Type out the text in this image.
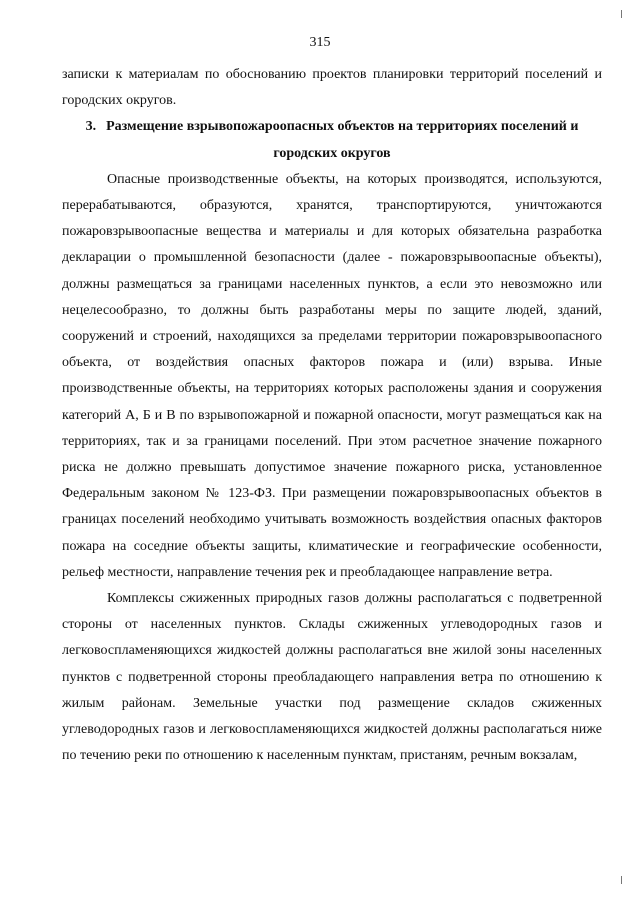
315

записки к материалам по обоснованию проектов планировки территорий поселений и городских округов.

3. Размещение взрывопожароопасных объектов на территориях поселений и городских округов

Опасные производственные объекты, на которых производятся, используются, перерабатываются, образуются, хранятся, транспортируются, уничтожаются пожаровзрывоопасные вещества и материалы и для которых обязательна разработка декларации о промышленной безопасности (далее - пожаровзрывоопасные объекты), должны размещаться за границами населенных пунктов, а если это невозможно или нецелесообразно, то должны быть разработаны меры по защите людей, зданий, сооружений и строений, находящихся за пределами территории пожаровзрывоопасного объекта, от воздействия опасных факторов пожара и (или) взрыва. Иные производственные объекты, на территориях которых расположены здания и сооружения категорий А, Б и В по взрывопожарной и пожарной опасности, могут размещаться как на территориях, так и за границами поселений. При этом расчетное значение пожарного риска не должно превышать допустимое значение пожарного риска, установленное Федеральным законом № 123-ФЗ. При размещении пожаровзрывоопасных объектов в границах поселений необходимо учитывать возможность воздействия опасных факторов пожара на соседние объекты защиты, климатические и географические особенности, рельеф местности, направление течения рек и преобладающее направление ветра.

Комплексы сжиженных природных газов должны располагаться с подветренной стороны от населенных пунктов. Склады сжиженных углеводородных газов и легковоспламеняющихся жидкостей должны располагаться вне жилой зоны населенных пунктов с подветренной стороны преобладающего направления ветра по отношению к жилым районам. Земельные участки под размещение складов сжиженных углеводородных газов и легковоспламеняющихся жидкостей должны располагаться ниже по течению реки по отношению к населенным пунктам, пристаням, речным вокзалам,
